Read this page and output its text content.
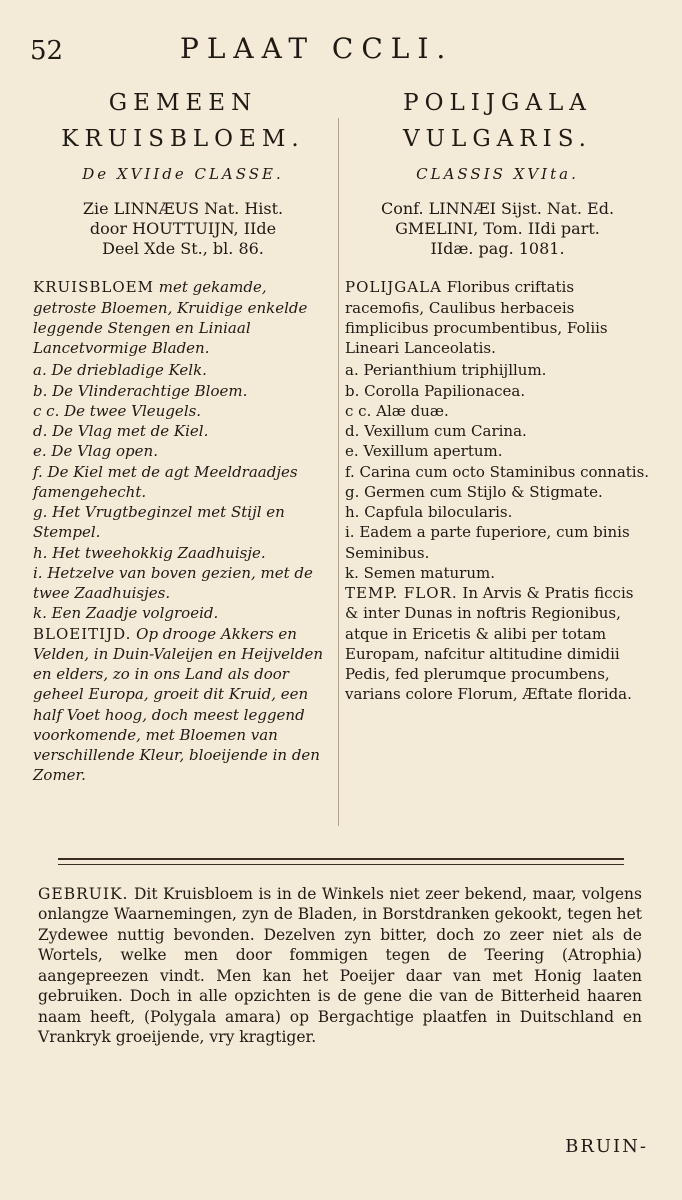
52	PLAAT CCLI.
GEMEEN
KRUISBLOEM.
De XVIIde CLASSE.
Zie LINNÆUS Nat. Hist.
door HOUTTUIJN, IIde
Deel Xde St., bl. 86.

KRUISBLOEM met gekamde, getroste Bloemen, Kruidige enkelde leggende Stengen en Liniaal Lancetvormige Bladen.

a. De driebladige Kelk.

b. De Vlinderachtige Bloem.

c c. De twee Vleugels.

d. De Vlag met de Kiel.

e. De Vlag open.

f. De Kiel met de agt Meeldraadjes famengehecht.

g. Het Vrugtbeginzel met Stijl en Stempel.

h. Het tweehokkig Zaadhuisje.

i. Hetzelve van boven gezien, met de twee Zaadhuisjes.

k. Een Zaadje volgroeid.

BLOEITIJD. Op drooge Akkers en Velden, in Duin-Valeijen en Heijvelden en elders, zo in ons Land als door geheel Europa, groeit dit Kruid, een half Voet hoog, doch meest leggend voorkomende, met Bloemen van verschillende Kleur, bloeijende in den Zomer.

POLIJGALA
VULGARIS.
CLASSIS XVIta.
Conf. LINNÆI Sijst. Nat. Ed.
GMELINI, Tom. IIdi part.
IIdæ. pag. 1081.

POLIJGALA Floribus criftatis racemofis, Caulibus herbaceis fimplicibus procumbentibus, Foliis Lineari Lanceolatis.

a. Perianthium triphijllum.

b. Corolla Papilionacea.

c c. Alæ duæ.

d. Vexillum cum Carina.

e. Vexillum apertum.

f. Carina cum octo Staminibus connatis.

g. Germen cum Stijlo & Stigmate.

h. Capfula bilocularis.

i. Eadem a parte fuperiore, cum binis Seminibus.

k. Semen maturum.

TEMP. FLOR. In Arvis & Pratis ficcis & inter Dunas in noftris Regionibus, atque in Ericetis & alibi per totam Europam, nafcitur altitudine dimidii Pedis, fed plerumque procumbens, varians colore Florum, Æftate florida.

GEBRUIK. Dit Kruisbloem is in de Winkels niet zeer bekend, maar, volgens onlangze Waarnemingen, zyn de Bladen, in Borstdranken gekookt, tegen het Zydewee nuttig bevonden. Dezelven zyn bitter, doch zo zeer niet als de Wortels, welke men door fommigen tegen de Teering (Atrophia) aangepreezen vindt. Men kan het Poeijer daar van met Honig laaten gebruiken. Doch in alle opzichten is de gene die van de Bitterheid haaren naam heeft, (Polygala amara) op Bergachtige plaatfen in Duitschland en Vrankryk groeijende, vry kragtiger.
BRUIN-
